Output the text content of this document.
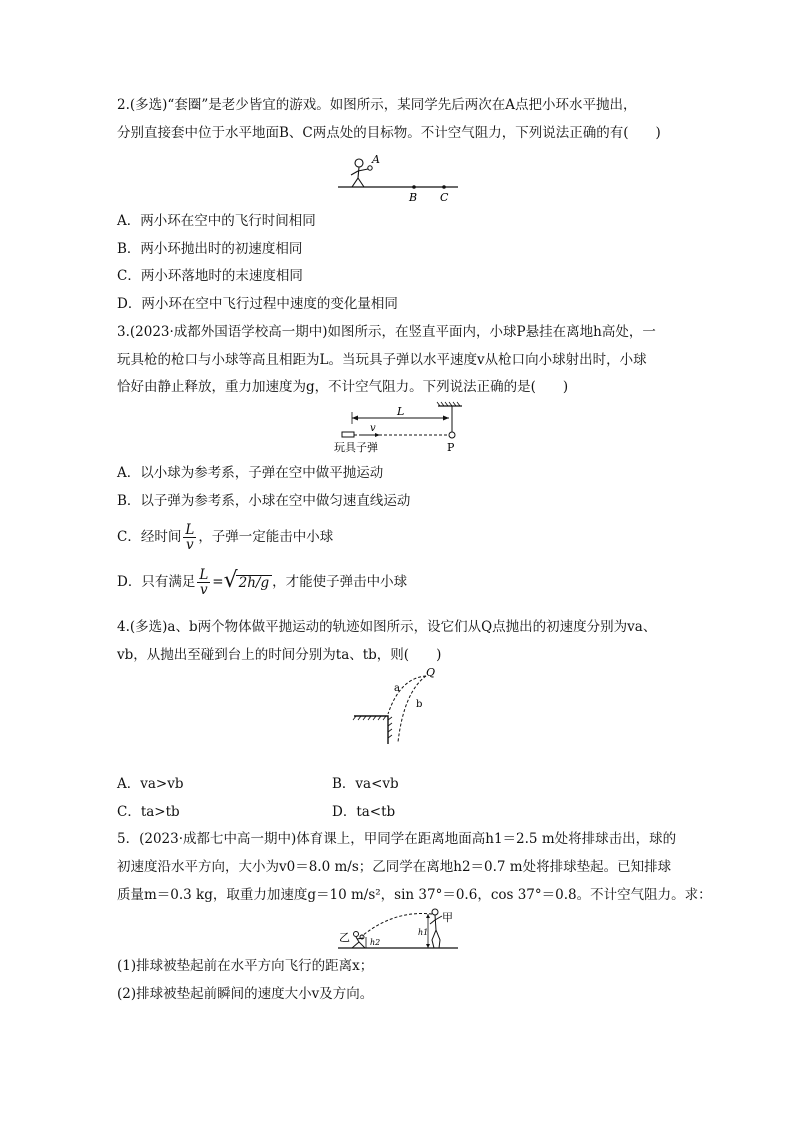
2.(多选)“套圈”是老少皆宜的游戏。如图所示，某同学先后两次在A点把小环水平抛出，
分别直接套中位于水平地面B、C两点处的目标物。不计空气阻力，下列说法正确的有(　　)
A
B C
A．两小环在空中的飞行时间相同
B．两小环抛出时的初速度相同
C．两小环落地时的末速度相同
D．两小环在空中飞行过程中速度的变化量相同
3.(2023·成都外国语学校高一期中)如图所示，在竖直平面内，小球P悬挂在离地h高处，一
玩具枪的枪口与小球等高且相距为L。当玩具子弹以水平速度v从枪口向小球射出时，小球
恰好由静止释放，重力加速度为g，不计空气阻力。下列说法正确的是(　　)
L
v
玩具子弹	P
A．以小球为参考系，子弹在空中做平抛运动
B．以子弹为参考系，小球在空中做匀速直线运动
C．经时间 $\frac{L}{v}$ ，子弹一定能击中小球
D．只有满足 $\frac{L}{v}$ = √ 2h/g ，才能使子弹击中小球
4.(多选)a、b两个物体做平抛运动的轨迹如图所示，设它们从Q点抛出的初速度分别为va、
vb，从抛出至碰到台上的时间分别为ta、tb，则(　　)
Q
a
b
A．va>vb	B．va<vb
C．ta>tb	D．ta<tb
5．(2023·成都七中高一期中)体育课上，甲同学在距离地面高h1＝2.5 m处将排球击出，球的
初速度沿水平方向，大小为v0＝8.0 m/s；乙同学在离地h2＝0.7 m处将排球垫起。已知排球
质量m＝0.3 kg，取重力加速度g＝10 m/s²，sin 37°＝0.6，cos 37°＝0.8。不计空气阻力。求：
乙
甲
h1
h2
(1)排球被垫起前在水平方向飞行的距离x；
(2)排球被垫起前瞬间的速度大小v及方向。
